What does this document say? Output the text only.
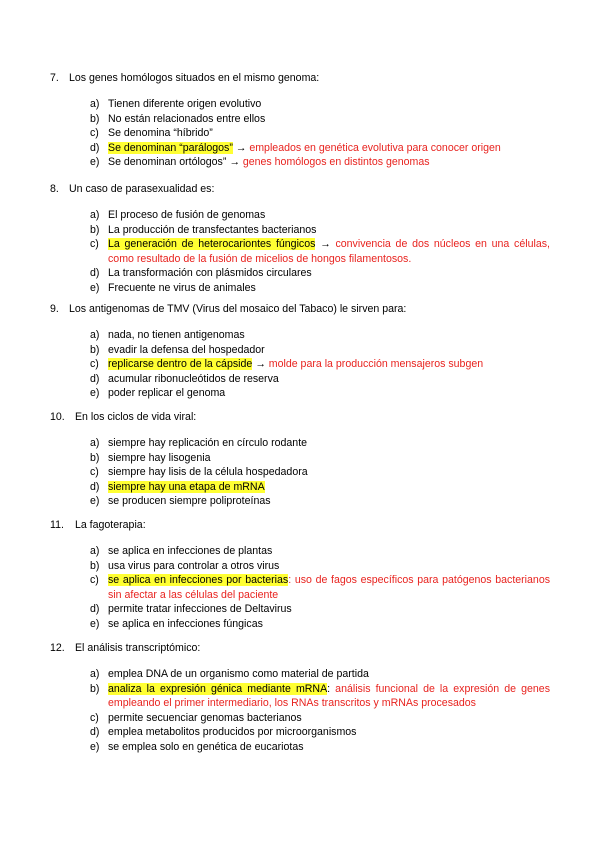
7. Los genes homólogos situados en el mismo genoma:
a) Tienen diferente origen evolutivo
b) No están relacionados entre ellos
c) Se denomina “híbrido”
d) Se denominan “parálogos” → empleados en genética evolutiva para conocer origen
e) Se denominan ortólogos” → genes homólogos en distintos genomas
8. Un caso de parasexualidad es:
a) El proceso de fusión de genomas
b) La producción de transfectantes bacterianos
c) La generación de heterocariontes fúngicos → convivencia de dos núcleos en una células, como resultado de la fusión de micelios de hongos filamentosos.
d) La transformación con plásmidos circulares
e) Frecuente ne virus de animales
9. Los antigenomas de TMV (Virus del mosaico del Tabaco) le sirven para:
a) nada, no tienen antigenomas
b) evadir la defensa del hospedador
c) replicarse dentro de la cápside → molde para la producción mensajeros subgen
d) acumular ribonucleótidos de reserva
e) poder replicar el genoma
10. En los ciclos de vida viral:
a) siempre hay replicación en círculo rodante
b) siempre hay lisogenia
c) siempre hay lisis de la célula hospedadora
d) siempre hay una etapa de mRNA
e) se producen siempre poliproteínas
11. La fagoterapia:
a) se aplica en infecciones de plantas
b) usa virus para controlar a otros virus
c) se aplica en infecciones por bacterias: uso de fagos específicos para patógenos bacterianos sin afectar a las células del paciente
d) permite tratar infecciones de Deltavirus
e) se aplica en infecciones fúngicas
12. El análisis transcriptómico:
a) emplea DNA de un organismo como material de partida
b) analiza la expresión génica mediante mRNA: análisis funcional de la expresión de genes empleando el primer intermediario, los RNAs transcritos y mRNAs procesados
c) permite secuenciar genomas bacterianos
d) emplea metabolitos producidos por microorganismos
e) se emplea solo en genética de eucariotas
